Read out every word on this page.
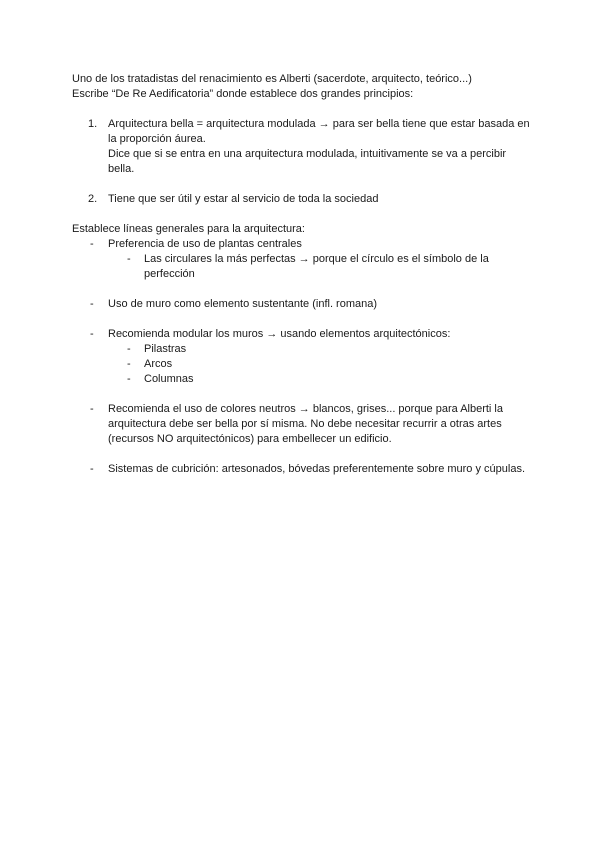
Uno de los tratadistas del renacimiento es Alberti (sacerdote, arquitecto, teórico...)

Escribe “De Re Aedificatoria” donde establece dos grandes principios:

1. Arquitectura bella = arquitectura modulada → para ser bella tiene que estar basada en la proporción áurea.

Dice que si se entra en una arquitectura modulada, intuitivamente se va a percibir bella.

2. Tiene que ser útil y estar al servicio de toda la sociedad

Establece líneas generales para la arquitectura:

- Preferencia de uso de plantas centrales

- Las circulares la más perfectas → porque el círculo es el símbolo de la perfección

- Uso de muro como elemento sustentante (infl. romana)

- Recomienda modular los muros → usando elementos arquitectónicos:

- Pilastras

- Arcos

- Columnas

- Recomienda el uso de colores neutros → blancos, grises... porque para Alberti la arquitectura debe ser bella por sí misma. No debe necesitar recurrir a otras artes (recursos NO arquitectónicos) para embellecer un edificio.

- Sistemas de cubrición: artesonados, bóvedas preferentemente sobre muro y cúpulas.
